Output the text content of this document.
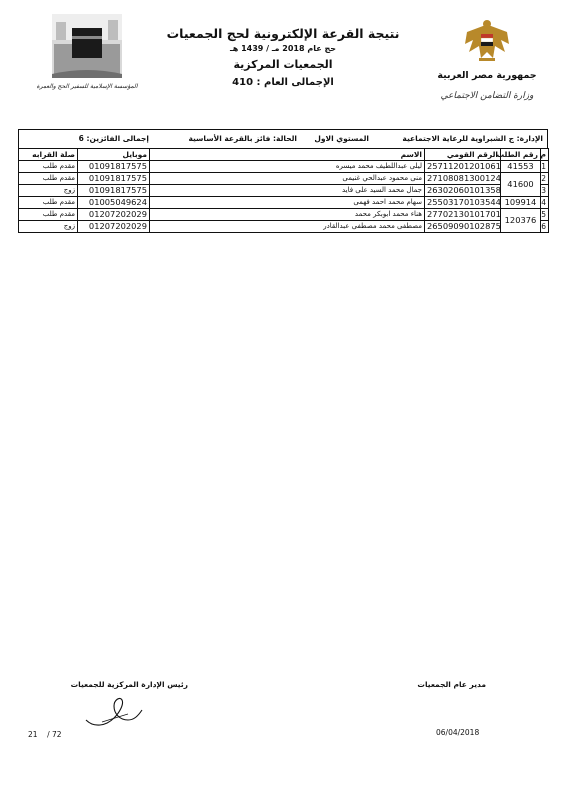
المؤسسة الإسلامية للسفير الحج والعمرة
جمهورية مصر العربية
وزارة التضامن الاجتماعي
نتيجة القرعة الإلكترونية لحج الجمعيات
حج عام 2018 مـ / 1439 هـ
الجمعيات المركزية
الإجمالى العام : 410
الإدارة: ج الشبراوية للرعاية الاجتماعية
المستوي الاول
الحالة: فائز بالقرعة الأساسية
إجمالى الفائزين: 6
م	رقم الطلب	الرقم القومي	الاسم	موبايل	صلة القرابه
1	41553	25711201201061	ليلى عبداللطيف محمد ميسره	01091817575	مقدم طلب
2	41600	27108081300124	منى محمود عبدالحي غنيمى	01091817575	مقدم طلب
3		26302060101358	جمال محمد السيد على فايد	01091817575	زوج
4	109914	25503170103544	سهام محمد احمد فهمى	01005049624	مقدم طلب
5	120376	27702130101701	هناء محمد ابوبكر محمد	01207202029	مقدم طلب
6		26509090102875	مصطفى محمد مصطفى عبدالقادر	01207202029	زوج
مدير عام الجمعيات
رئيس الإدارة المركزية للجمعيات
06/04/2018
21 / 72
